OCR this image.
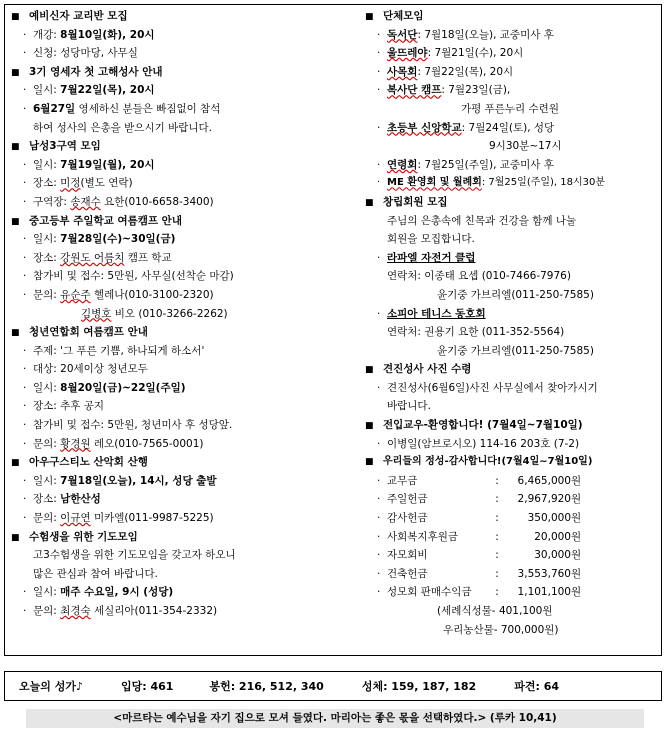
■ 예비신자 교리반 모집
· 개강: 8월10일(화), 20시
· 신청: 성당마당, 사무실
■ 3기 영세자 첫 고해성사 안내
· 일시: 7월22일(목), 20시
· 6월27일 영세하신 분들은 빠짐없이 참석
하여 성사의 은총을 받으시기 바랍니다.
■ 남성3구역 모임
· 일시: 7월19일(월), 20시
· 장소: 미정(별도 연락)
· 구역장: 송재수 요한(010-6658-3400)
■ 중고등부 주일학교 여름캠프 안내
· 일시: 7월28일(수)~30일(금)
· 장소: 강원도 어름치 캠프 학교
· 참가비 및 접수: 5만원, 사무실(선착순 마감)
· 문의: 유순주 헬레나(010-3100-2320)
김병호 비오 (010-3266-2262)
■ 청년연합회 여름캠프 안내
· 주제: '그 푸른 기쁨, 하나되게 하소서'
· 대상: 20세이상 청년모두
· 일시: 8월20일(금)~22일(주일)
· 장소: 추후 공지
· 참가비 및 접수: 5만원, 청년미사 후 성당앞.
· 문의: 황경원 레오(010-7565-0001)
■ 아우구스티노 산악회 산행
· 일시: 7월18일(오늘), 14시, 성당 출발
· 장소: 남한산성
· 문의: 이규연 미카엘(011-9987-5225)
■ 수험생을 위한 기도모임
고3수험생을 위한 기도모임을 갖고자 하오니
많은 관심과 참여 바랍니다.
· 일시: 매주 수요일, 9시 (성당)
· 문의: 최경숙 세실리아(011-354-2332)
■ 단체모임
· 독서단: 7월18일(오늘), 교중미사 후
· 울뜨레야: 7월21일(수), 20시
· 사목회: 7월22일(목), 20시
· 복사단 캠프: 7월23일(금),
가평 푸른누리 수련원
· 초등부 신앙학교: 7월24일(토), 성당
9시30분~17시
· 연령회: 7월25일(주일), 교중미사 후
· ME 환영회 및 월례회: 7월25일(주일), 18시30분
■ 창립회원 모집
주님의 은총속에 친목과 건강을 함께 나눌
회원을 모집합니다.
· 라파엘 자전거 클럽
연락처: 이종태 요셉 (010-7466-7976)
윤기중 가브리엘(011-250-7585)
· 소피아 테니스 동호회
연락처: 권용기 요한 (011-352-5564)
윤기중 가브리엘(011-250-7585)
■ 견진성사 사진 수령
· 견진성사(6월6일)사진 사무실에서 찾아가시기
바랍니다.
■ 전입교우-환영합니다! (7월4일~7월10일)
· 이병일(암브로시오) 114-16 203호 (7-2)
■ 우리들의 정성-감사합니다!(7월4일~7월10일)
· 교무금	:	6,465,000 원
· 주일헌금	:	2,967,920 원
· 감사헌금	:	350,000 원
· 사회복지후원금	:	20,000 원
· 자모회비	:	30,000 원
· 건축헌금	:	3,553,760 원
· 성모회 판매수익금	:	1,101,100 원
(세례식성물- 401,100원
우리농산물- 700,000원)
오늘의 성가♪	입당: 461	봉헌: 216, 512, 340	성체: 159, 187, 182	파견: 64
<마르타는 예수님을 자기 집으로 모셔 들였다. 마리아는 좋은 몫을 선택하였다.> (루카 10,41)
